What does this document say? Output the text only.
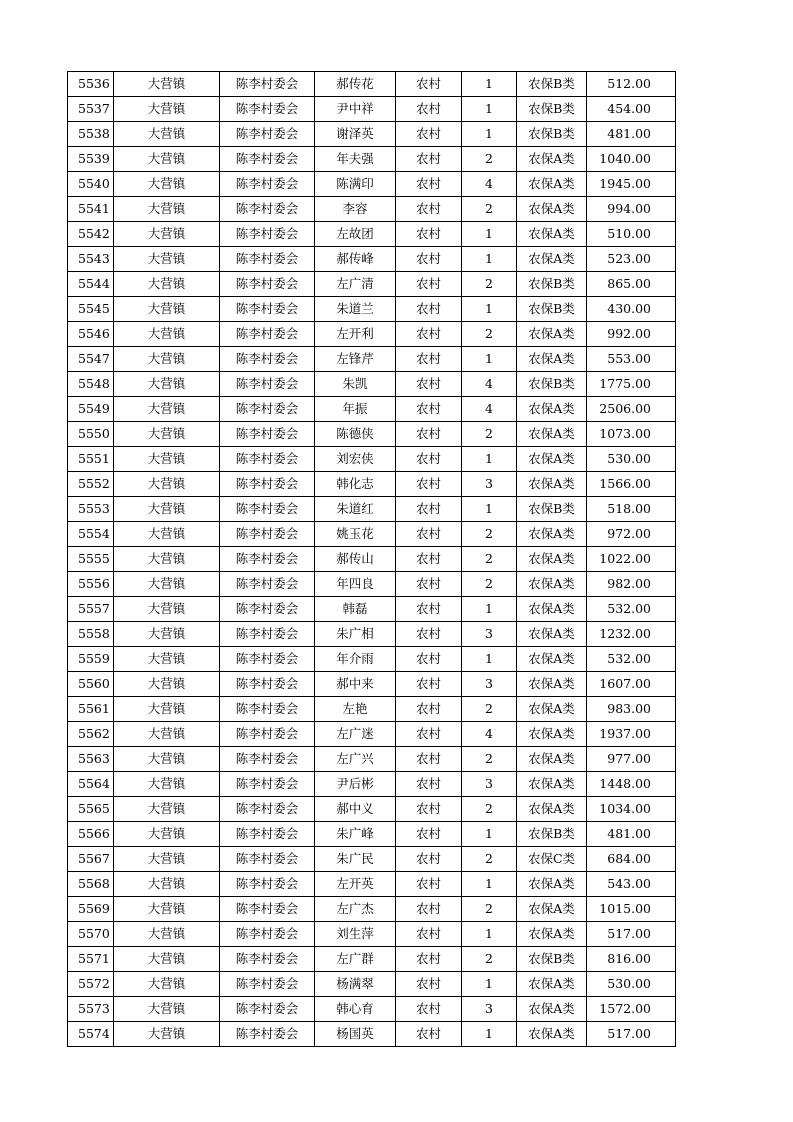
5536	大营镇	陈李村委会	郝传花	农村	1	农保B类	512.00
5537	大营镇	陈李村委会	尹中祥	农村	1	农保B类	454.00
5538	大营镇	陈李村委会	谢泽英	农村	1	农保B类	481.00
5539	大营镇	陈李村委会	年夫强	农村	2	农保A类	1040.00
5540	大营镇	陈李村委会	陈满印	农村	4	农保A类	1945.00
5541	大营镇	陈李村委会	李容	农村	2	农保A类	994.00
5542	大营镇	陈李村委会	左故团	农村	1	农保A类	510.00
5543	大营镇	陈李村委会	郝传峰	农村	1	农保A类	523.00
5544	大营镇	陈李村委会	左广清	农村	2	农保B类	865.00
5545	大营镇	陈李村委会	朱道兰	农村	1	农保B类	430.00
5546	大营镇	陈李村委会	左开利	农村	2	农保A类	992.00
5547	大营镇	陈李村委会	左锋芹	农村	1	农保A类	553.00
5548	大营镇	陈李村委会	朱凯	农村	4	农保B类	1775.00
5549	大营镇	陈李村委会	年振	农村	4	农保A类	2506.00
5550	大营镇	陈李村委会	陈德侠	农村	2	农保A类	1073.00
5551	大营镇	陈李村委会	刘宏侠	农村	1	农保A类	530.00
5552	大营镇	陈李村委会	韩化志	农村	3	农保A类	1566.00
5553	大营镇	陈李村委会	朱道红	农村	1	农保B类	518.00
5554	大营镇	陈李村委会	姚玉花	农村	2	农保A类	972.00
5555	大营镇	陈李村委会	郝传山	农村	2	农保A类	1022.00
5556	大营镇	陈李村委会	年四良	农村	2	农保A类	982.00
5557	大营镇	陈李村委会	韩磊	农村	1	农保A类	532.00
5558	大营镇	陈李村委会	朱广相	农村	3	农保A类	1232.00
5559	大营镇	陈李村委会	年介雨	农村	1	农保A类	532.00
5560	大营镇	陈李村委会	郝中来	农村	3	农保A类	1607.00
5561	大营镇	陈李村委会	左艳	农村	2	农保A类	983.00
5562	大营镇	陈李村委会	左广迷	农村	4	农保A类	1937.00
5563	大营镇	陈李村委会	左广兴	农村	2	农保A类	977.00
5564	大营镇	陈李村委会	尹后彬	农村	3	农保A类	1448.00
5565	大营镇	陈李村委会	郝中义	农村	2	农保A类	1034.00
5566	大营镇	陈李村委会	朱广峰	农村	1	农保B类	481.00
5567	大营镇	陈李村委会	朱广民	农村	2	农保C类	684.00
5568	大营镇	陈李村委会	左开英	农村	1	农保A类	543.00
5569	大营镇	陈李村委会	左广杰	农村	2	农保A类	1015.00
5570	大营镇	陈李村委会	刘生萍	农村	1	农保A类	517.00
5571	大营镇	陈李村委会	左广群	农村	2	农保B类	816.00
5572	大营镇	陈李村委会	杨满翠	农村	1	农保A类	530.00
5573	大营镇	陈李村委会	韩心育	农村	3	农保A类	1572.00
5574	大营镇	陈李村委会	杨国英	农村	1	农保A类	517.00
